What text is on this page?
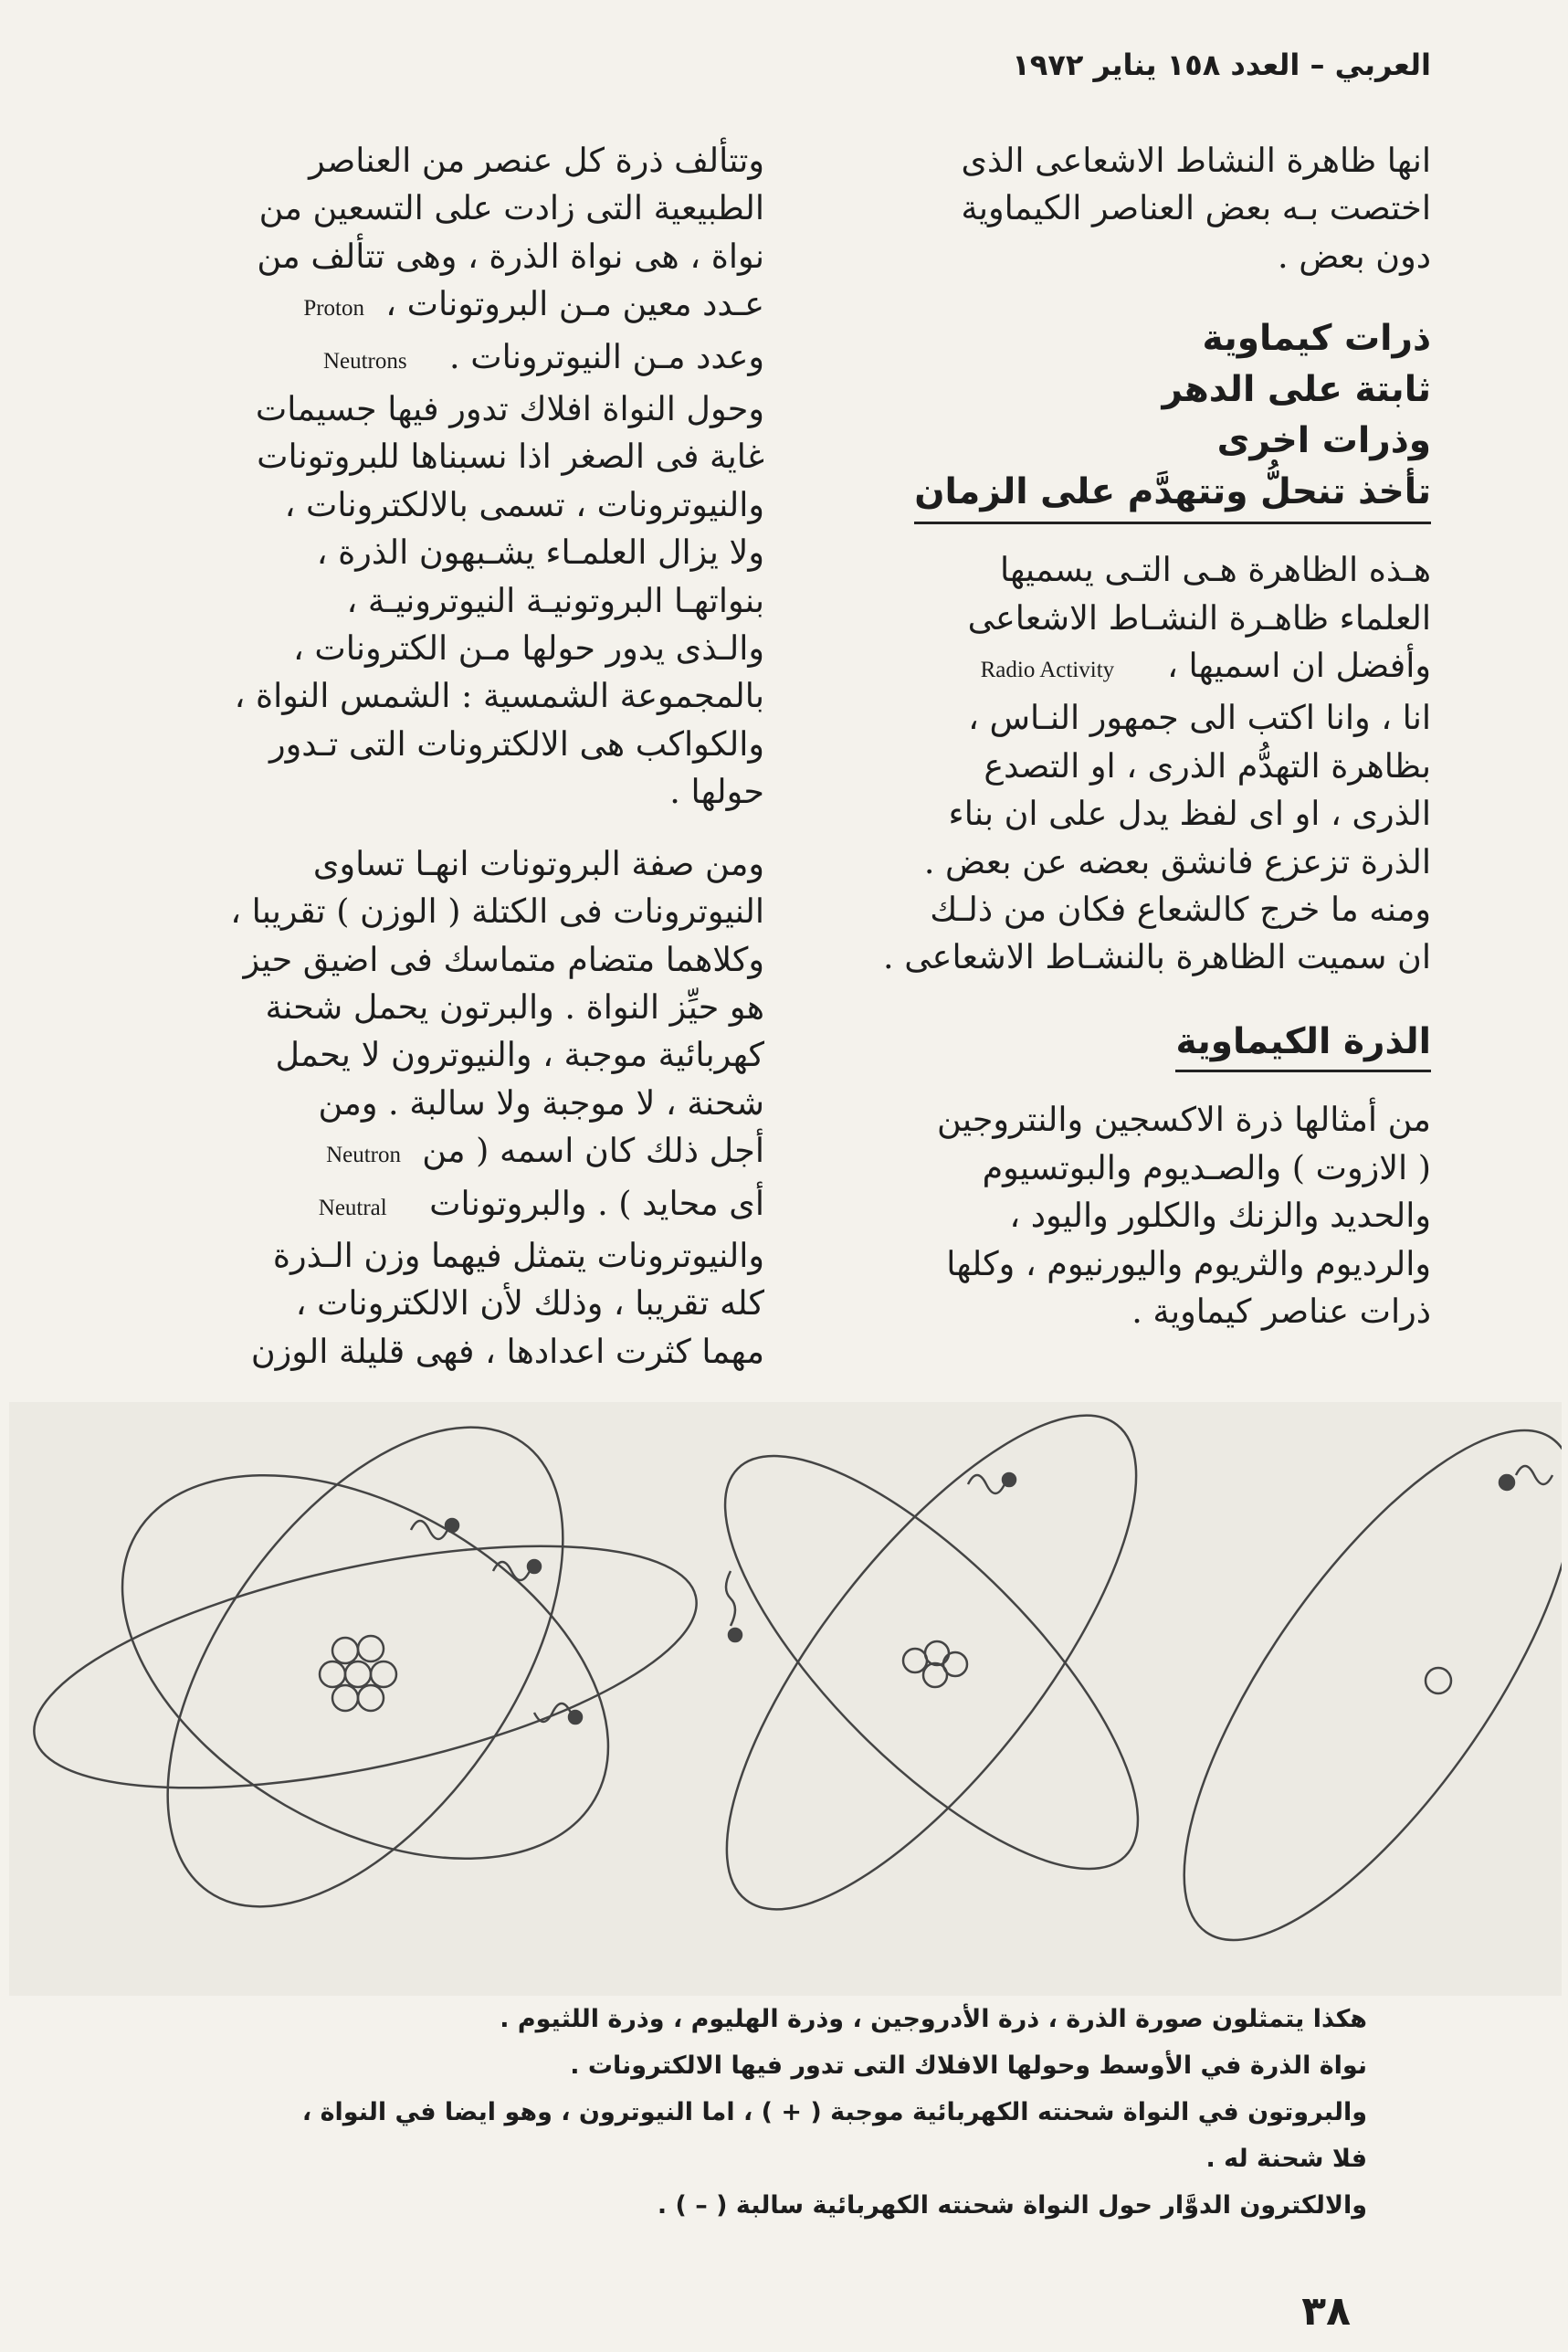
العربي – العدد ١٥٨ يناير ١٩٧٢

انها ظاهرة النشاط الاشعاعى الذى
اختصت بـه بعض العناصر الكيماوية
دون بعض .

ذرات كيماوية
ثابتة على الدهر
وذرات اخرى
تأخذ تنحلُّ وتتهدَّم على الزمان

هـذه الظاهرة هـى التـى يسميها
العلماء ظاهـرة النشـاط الاشعاعى
وأفضل ان اسميها ،     Radio Activity
انا ، وانا اكتب الى جمهور النـاس ،
بظاهرة التهدُّم الذرى ، او التصدع
الذرى ، او اى لفظ يدل على ان بناء
الذرة تزعزع فانشق بعضه عن بعض .
ومنه ما خرج كالشعاع فكان من ذلـك
ان سميت الظاهرة بالنشـاط الاشعاعى .

الذرة الكيماوية

من أمثالها ذرة الاكسجين والنتروجين
( الازوت ) والصـديوم والبوتسيوم
والحديد والزنك والكلور واليود ،
والرديوم والثريوم واليورنيوم ، وكلها
ذرات عناصر كيماوية .

وتتألف ذرة كل عنصر من العناصر
الطبيعية التى زادت على التسعين من
نواة ، هى نواة الذرة ، وهى تتألف من
عـدد معين مـن البروتونات ،  Proton
وعدد مـن النيوترونات .    Neutrons
وحول النواة افلاك تدور فيها جسيمات
غاية فى الصغر اذا نسبناها للبروتونات
والنيوترونات ، تسمى بالالكترونات ،
ولا يزال العلمـاء يشـبهون الذرة ،
بنواتهـا البروتونيـة النيوترونيـة ،
والـذى يدور حولها مـن الكترونات ،
بالمجموعة الشمسية : الشمس النواة ،
والكواكب هى الالكترونات التى تـدور
حولها .

ومن صفة البروتونات انهـا تساوى
النيوترونات فى الكتلة ( الوزن ) تقريبا ،
وكلاهما متضام متماسك فى اضيق حيز
هو حيِّز النواة . والبرتون يحمل شحنة
كهربائية موجبة ، والنيوترون لا يحمل
شحنة ، لا موجبة ولا سالبة . ومن
أجل ذلك كان اسمه ( من  Neutron
أى محايد ) . والبروتونات    Neutral
والنيوترونات يتمثل فيهما وزن الـذرة
كله تقريبا ، وذلك لأن الالكترونات ،
مهما كثرت اعدادها ، فهى قليلة الوزن

هكذا يتمثلون صورة الذرة ، ذرة الأدروجين ، وذرة الهليوم ، وذرة اللثيوم .
نواة الذرة في الأوسط وحولها الافلاك التى تدور فيها الالكترونات .
والبروتون في النواة شحنته الكهربائية موجبة ( + ) ، اما النيوترون ، وهو ايضا في النواة ،
فلا شحنة له .
والالكترون الدوَّار حول النواة شحنته الكهربائية سالبة ( – ) .
٣٨
